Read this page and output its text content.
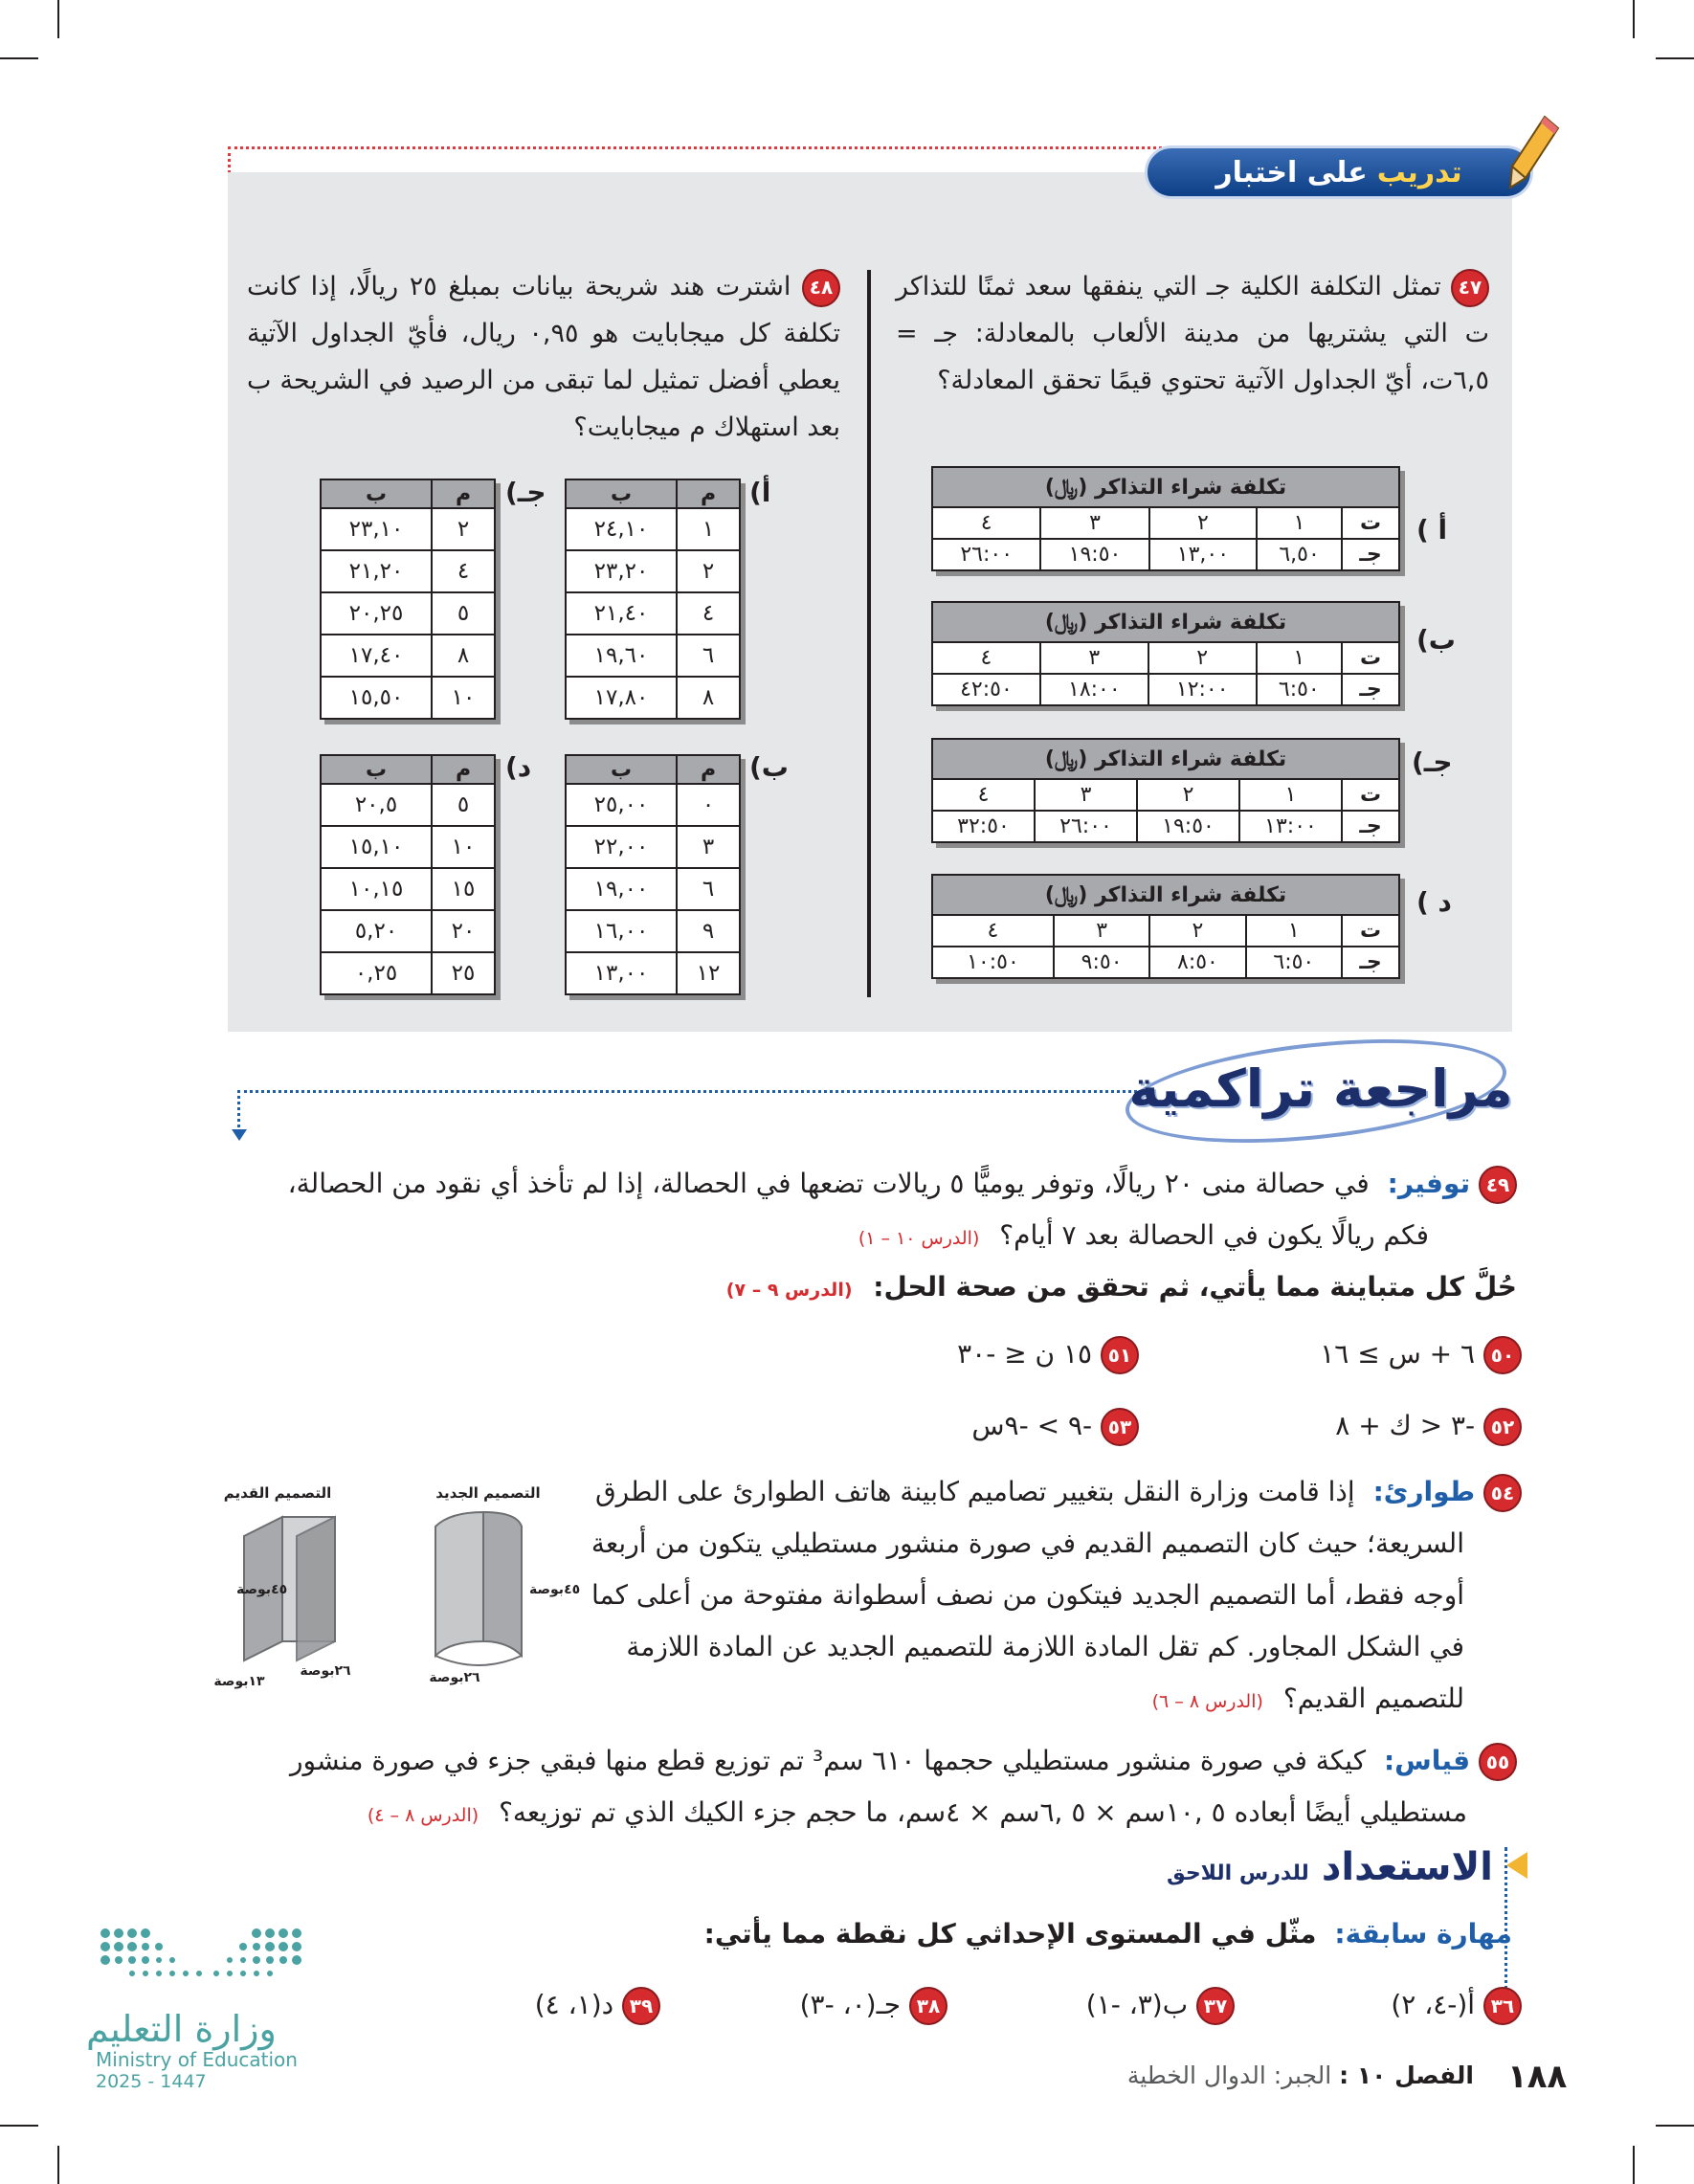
تدريب
على اختبار
٤٧ تمثل التكلفة الكلية جـ التي ينفقها سعد ثمنًا للتذاكر ت التي يشتريها من مدينة الألعاب بالمعادلة: جـ = ٦,٥ت، أيّ الجداول الآتية تحتوي قيمًا تحقق المعادلة؟
أ )
تكلفة شراء التذاكر (﷼)				
ت	١	٢	٣	٤
جـ	٦,٥٠	١٣,٠٠	١٩:٥٠	٢٦:٠٠
ب)
تكلفة شراء التذاكر (﷼)				
ت	١	٢	٣	٤
جـ	٦:٥٠	١٢:٠٠	١٨:٠٠	٤٢:٥٠
جـ)
تكلفة شراء التذاكر (﷼)				
ت	١	٢	٣	٤
جـ	١٣:٠٠	١٩:٥٠	٢٦:٠٠	٣٢:٥٠
د )
تكلفة شراء التذاكر (﷼)				
ت	١	٢	٣	٤
جـ	٦:٥٠	٨:٥٠	٩:٥٠	١٠:٥٠
٤٨ اشترت هند شريحة بيانات بمبلغ ٢٥ ريالًا، إذا كانت تكلفة كل ميجابايت هو ٠,٩٥ ريال، فأيّ الجداول الآتية يعطي أفضل تمثيل لما تبقى من الرصيد في الشريحة ب بعد استهلاك م ميجابايت؟
أ)
م	ب
١	٢٤,١٠
٢	٢٣,٢٠
٤	٢١,٤٠
٦	١٩,٦٠
٨	١٧,٨٠
جـ)
م	ب
٢	٢٣,١٠
٤	٢١,٢٠
٥	٢٠,٢٥
٨	١٧,٤٠
١٠	١٥,٥٠
ب)
م	ب
٠	٢٥,٠٠
٣	٢٢,٠٠
٦	١٩,٠٠
٩	١٦,٠٠
١٢	١٣,٠٠
د)
م	ب
٥	٢٠,٥
١٠	١٥,١٠
١٥	١٠,١٥
٢٠	٥,٢٠
٢٥	٠,٢٥
مراجعة تراكمية
٤٩ توفير: في حصالة منى ٢٠ ريالًا، وتوفر يوميًّا ٥ ريالات تضعها في الحصالة، إذا لم تأخذ أي نقود من الحصالة،
فكم ريالًا يكون في الحصالة بعد ٧ أيام؟ (الدرس ١٠ – ١)
حُلَّ كل متباينة مما يأتي، ثم تحقق من صحة الحل: (الدرس ٩ – ٧)
٥٠ ٦ + س ≥ ١٦
٥١ ١٥ ن ≤ -٣٠
٥٢ -٣ < ك + ٨
٥٣ -٩ > -٩س
٥٤ طوارئ: إذا قامت وزارة النقل بتغيير تصاميم كابينة هاتف الطوارئ على الطرق
السريعة؛ حيث كان التصميم القديم في صورة منشور مستطيلي يتكون من أربعة
أوجه فقط، أما التصميم الجديد فيتكون من نصف أسطوانة مفتوحة من أعلى كما
في الشكل المجاور. كم تقل المادة اللازمة للتصميم الجديد عن المادة اللازمة
للتصميم القديم؟ (الدرس ٨ – ٦)
التصميم الجديد
٤٥بوصة
٢٦بوصة
التصميم القديم
٤٥بوصة
٢٦بوصة
١٣بوصة
٥٥ قياس: كيكة في صورة منشور مستطيلي حجمها ٦١٠ سم³ تم توزيع قطع منها فبقي جزء في صورة منشور
مستطيلي أيضًا أبعاده ٥ ,١٠سم × ٥ ,٦سم × ٤سم، ما حجم جزء الكيك الذي تم توزيعه؟ (الدرس ٨ – ٤)
الاستعداد للدرس اللاحق
مهارة سابقة: مثّل في المستوى الإحداثي كل نقطة مما يأتي:
٣٦ أ(-٤، ٢)
٣٧ ب(٣، -١)
٣٨ جـ(٠، -٣)
٣٩ د(١، ٤)
وزارة التعليم
Ministry of Education
2025 - 1447	١٨٨
الفصل ١٠ : الجبر: الدوال الخطية
